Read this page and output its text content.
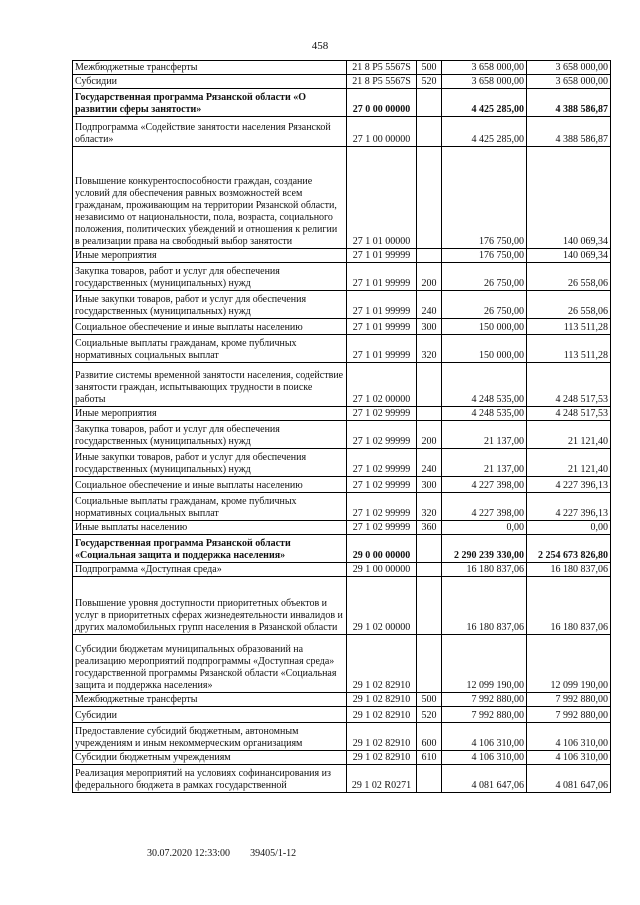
458
Межбюджетные трансферты	21 8 P5 5567S	500	3 658 000,00	3 658 000,00
Субсидии	21 8 P5 5567S	520	3 658 000,00	3 658 000,00
Государственная программа Рязанской области «О развитии сферы занятости»	27 0 00 00000		4 425 285,00	4 388 586,87
Подпрограмма «Содействие занятости населения Рязанской области»	27 1 00 00000		4 425 285,00	4 388 586,87
Повышение конкурентоспособности граждан, создание условий для обеспечения равных возможностей всем гражданам, проживающим на территории Рязанской области, независимо от национальности, пола, возраста, социального положения, политических убеждений и отношения к религии в реализации права на свободный выбор занятости	27 1 01 00000		176 750,00	140 069,34
Иные мероприятия	27 1 01 99999		176 750,00	140 069,34
Закупка товаров, работ и услуг для обеспечения государственных (муниципальных) нужд	27 1 01 99999	200	26 750,00	26 558,06
Иные закупки товаров, работ и услуг для обеспечения государственных (муниципальных) нужд	27 1 01 99999	240	26 750,00	26 558,06
Социальное обеспечение и иные выплаты населению	27 1 01 99999	300	150 000,00	113 511,28
Социальные выплаты гражданам, кроме публичных нормативных социальных выплат	27 1 01 99999	320	150 000,00	113 511,28
Развитие системы временной занятости населения, содействие занятости граждан, испытывающих трудности в поиске работы	27 1 02 00000		4 248 535,00	4 248 517,53
Иные мероприятия	27 1 02 99999		4 248 535,00	4 248 517,53
Закупка товаров, работ и услуг для обеспечения государственных (муниципальных) нужд	27 1 02 99999	200	21 137,00	21 121,40
Иные закупки товаров, работ и услуг для обеспечения государственных (муниципальных) нужд	27 1 02 99999	240	21 137,00	21 121,40
Социальное обеспечение и иные выплаты населению	27 1 02 99999	300	4 227 398,00	4 227 396,13
Социальные выплаты гражданам, кроме публичных нормативных социальных выплат	27 1 02 99999	320	4 227 398,00	4 227 396,13
Иные выплаты населению	27 1 02 99999	360	0,00	0,00
Государственная программа Рязанской области «Социальная защита и поддержка населения»	29 0 00 00000		2 290 239 330,00	2 254 673 826,80
Подпрограмма «Доступная среда»	29 1 00 00000		16 180 837,06	16 180 837,06
Повышение уровня доступности приоритетных объектов и услуг в приоритетных сферах жизнедеятельности инвалидов и других маломобильных групп населения в Рязанской области	29 1 02 00000		16 180 837,06	16 180 837,06
Субсидии бюджетам муниципальных образований на реализацию мероприятий подпрограммы «Доступная среда» государственной программы Рязанской области «Социальная защита и поддержка населения»	29 1 02 82910		12 099 190,00	12 099 190,00
Межбюджетные трансферты	29 1 02 82910	500	7 992 880,00	7 992 880,00
Субсидии	29 1 02 82910	520	7 992 880,00	7 992 880,00
Предоставление субсидий бюджетным, автономным учреждениям и иным некоммерческим организациям	29 1 02 82910	600	4 106 310,00	4 106 310,00
Субсидии бюджетным учреждениям	29 1 02 82910	610	4 106 310,00	4 106 310,00
Реализация мероприятий на условиях софинансирования из федерального бюджета в рамках государственной	29 1 02 R0271		4 081 647,06	4 081 647,06
30.07.2020 12:33:00 39405/1-12
